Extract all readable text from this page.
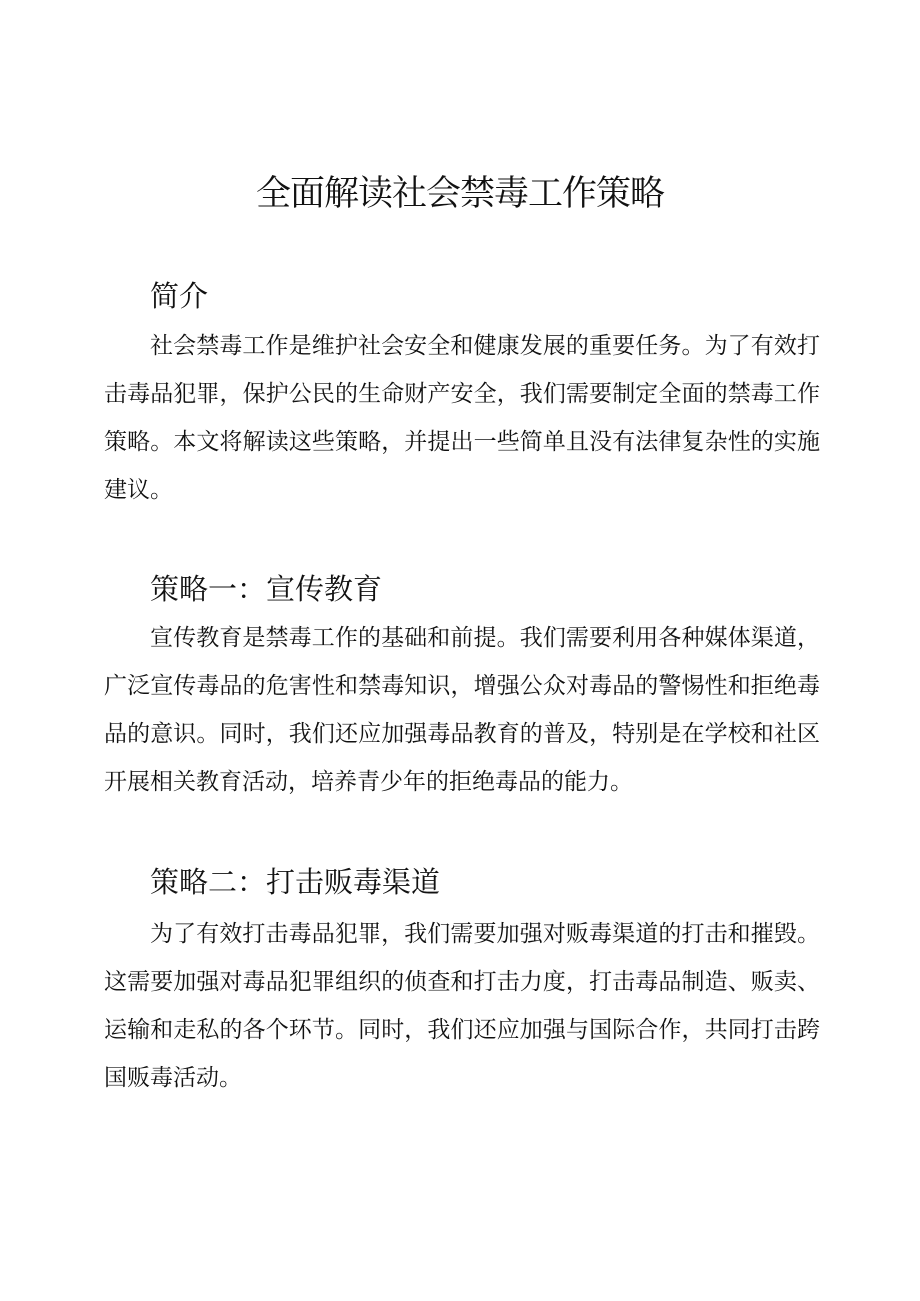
全面解读社会禁毒工作策略
简介

社会禁毒工作是维护社会安全和健康发展的重要任务。为了有效打击毒品犯罪，保护公民的生命财产安全，我们需要制定全面的禁毒工作策略。本文将解读这些策略，并提出一些简单且没有法律复杂性的实施建议。

策略一：宣传教育

宣传教育是禁毒工作的基础和前提。我们需要利用各种媒体渠道，广泛宣传毒品的危害性和禁毒知识，增强公众对毒品的警惕性和拒绝毒品的意识。同时，我们还应加强毒品教育的普及，特别是在学校和社区开展相关教育活动，培养青少年的拒绝毒品的能力。

策略二：打击贩毒渠道

为了有效打击毒品犯罪，我们需要加强对贩毒渠道的打击和摧毁。这需要加强对毒品犯罪组织的侦查和打击力度，打击毒品制造、贩卖、运输和走私的各个环节。同时，我们还应加强与国际合作，共同打击跨国贩毒活动。
